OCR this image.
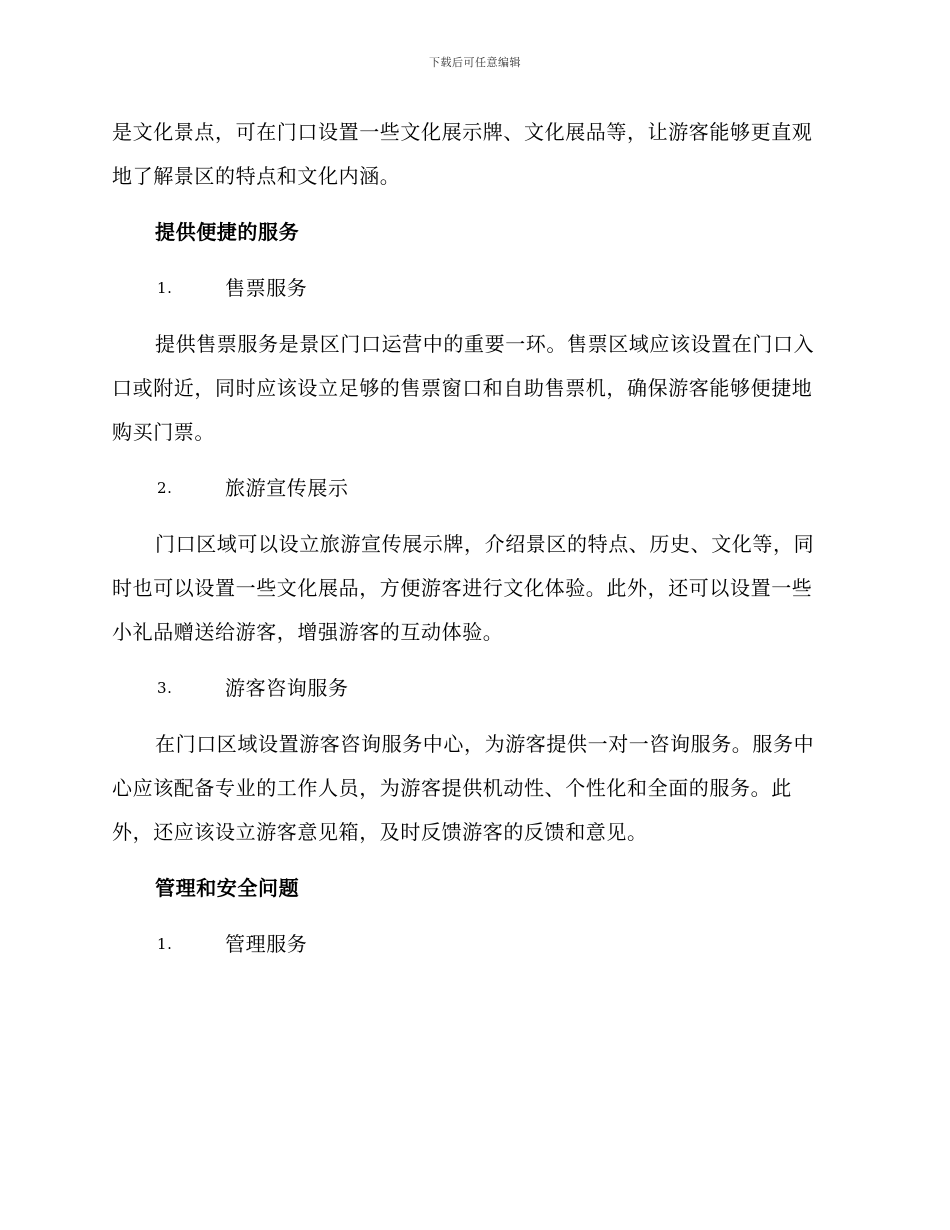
下载后可任意编辑

是文化景点，可在门口设置一些文化展示牌、文化展品等，让游客能够更直观地了解景区的特点和文化内涵。

提供便捷的服务
1.	售票服务

提供售票服务是景区门口运营中的重要一环。售票区域应该设置在门口入口或附近，同时应该设立足够的售票窗口和自助售票机，确保游客能够便捷地购买门票。

2.	旅游宣传展示

门口区域可以设立旅游宣传展示牌，介绍景区的特点、历史、文化等，同时也可以设置一些文化展品，方便游客进行文化体验。此外，还可以设置一些小礼品赠送给游客，增强游客的互动体验。

3.	游客咨询服务

在门口区域设置游客咨询服务中心，为游客提供一对一咨询服务。服务中心应该配备专业的工作人员，为游客提供机动性、个性化和全面的服务。此外，还应该设立游客意见箱，及时反馈游客的反馈和意见。

管理和安全问题
1.	管理服务
